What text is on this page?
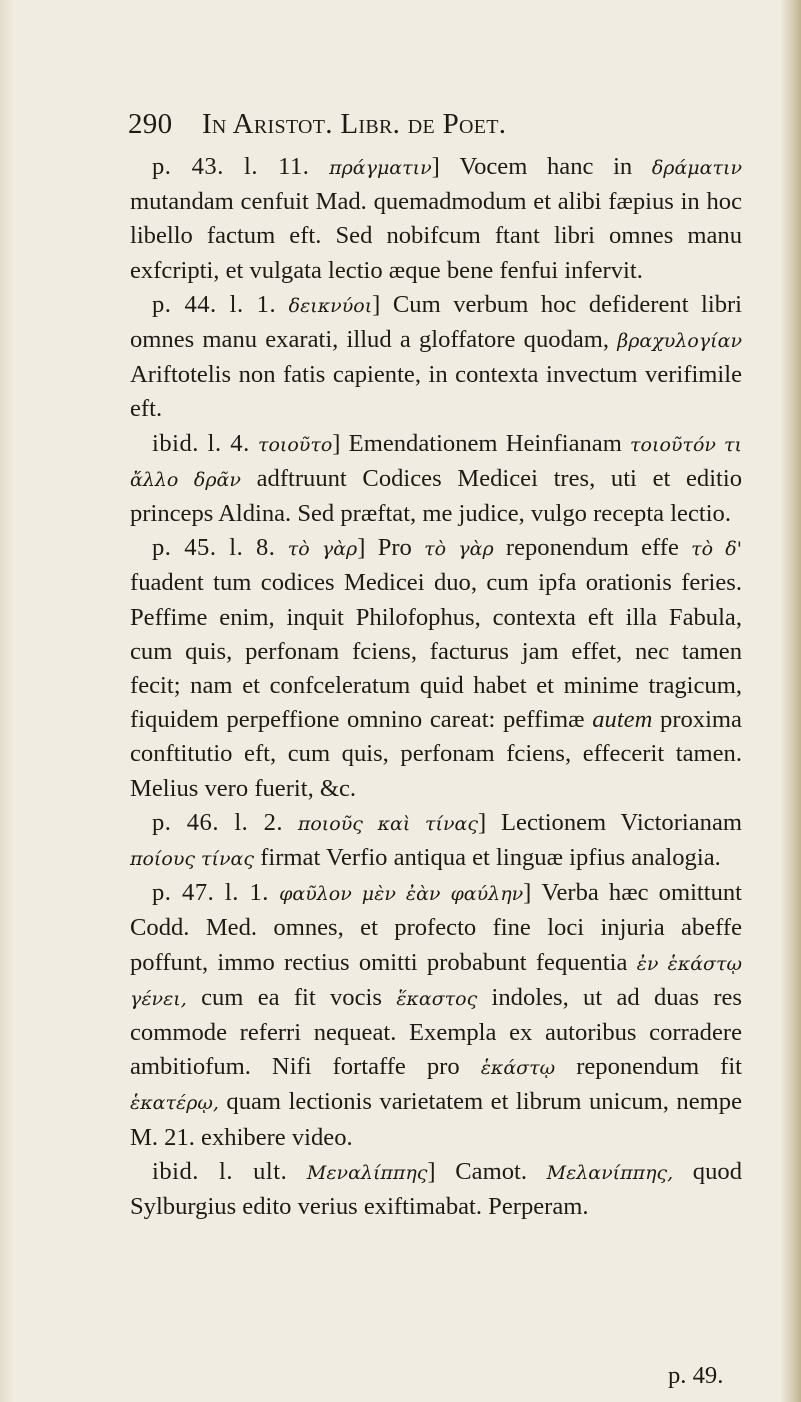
290 In Aristot. Libr. de Poet.

p. 43. l. 11. πράγματιν] Vocem hanc in δράματιν mutandam cenfuit Mad. quemadmodum et alibi fæpius in hoc libello factum eft. Sed nobifcum ftant libri omnes manu exfcripti, et vulgata lectio æque bene fenfui infervit.

p. 44. l. 1. δεικνύοι] Cum verbum hoc defiderent libri omnes manu exarati, illud a gloffatore quodam, βραχυλογίαν Ariftotelis non fatis capiente, in contexta invectum verifimile eft.

ibid. l. 4. τοιοῦτο] Emendationem Heinfianam τοιοῦτόν τι ἄλλο δρᾶν adftruunt Codices Medicei tres, uti et editio princeps Aldina. Sed præftat, me judice, vulgo recepta lectio.

p. 45. l. 8. τὸ γὰρ] Pro τὸ γὰρ reponendum effe τὸ δ' fuadent tum codices Medicei duo, cum ipfa orationis feries. Peffime enim, inquit Philofophus, contexta eft illa Fabula, cum quis, perfonam fciens, facturus jam effet, nec tamen fecit; nam et confceleratum quid habet et minime tragicum, fiquidem perpeffione omnino careat: peffimæ autem proxima conftitutio eft, cum quis, perfonam fciens, effecerit tamen. Melius vero fuerit, &c.

p. 46. l. 2. ποιοῦς καὶ τίνας] Lectionem Victorianam ποίους τίνας firmat Verfio antiqua et linguæ ipfius analogia.

p. 47. l. 1. φαῦλον μὲν ἐὰν φαύλην] Verba hæc omittunt Codd. Med. omnes, et profecto fine loci injuria abeffe poffunt, immo rectius omitti probabunt fequentia ἐν ἑκάστῳ γένει, cum ea fit vocis ἕκαστος indoles, ut ad duas res commode referri nequeat. Exempla ex autoribus corradere ambitiofum. Nifi fortaffe pro ἑκάστῳ reponendum fit ἑκατέρῳ, quam lectionis varietatem et librum unicum, nempe M. 21. exhibere video.

ibid. l. ult. Μεναλίππης] Camot. Μελανίππης, quod Sylburgius edito verius exiftimabat. Perperam.

p. 49.
